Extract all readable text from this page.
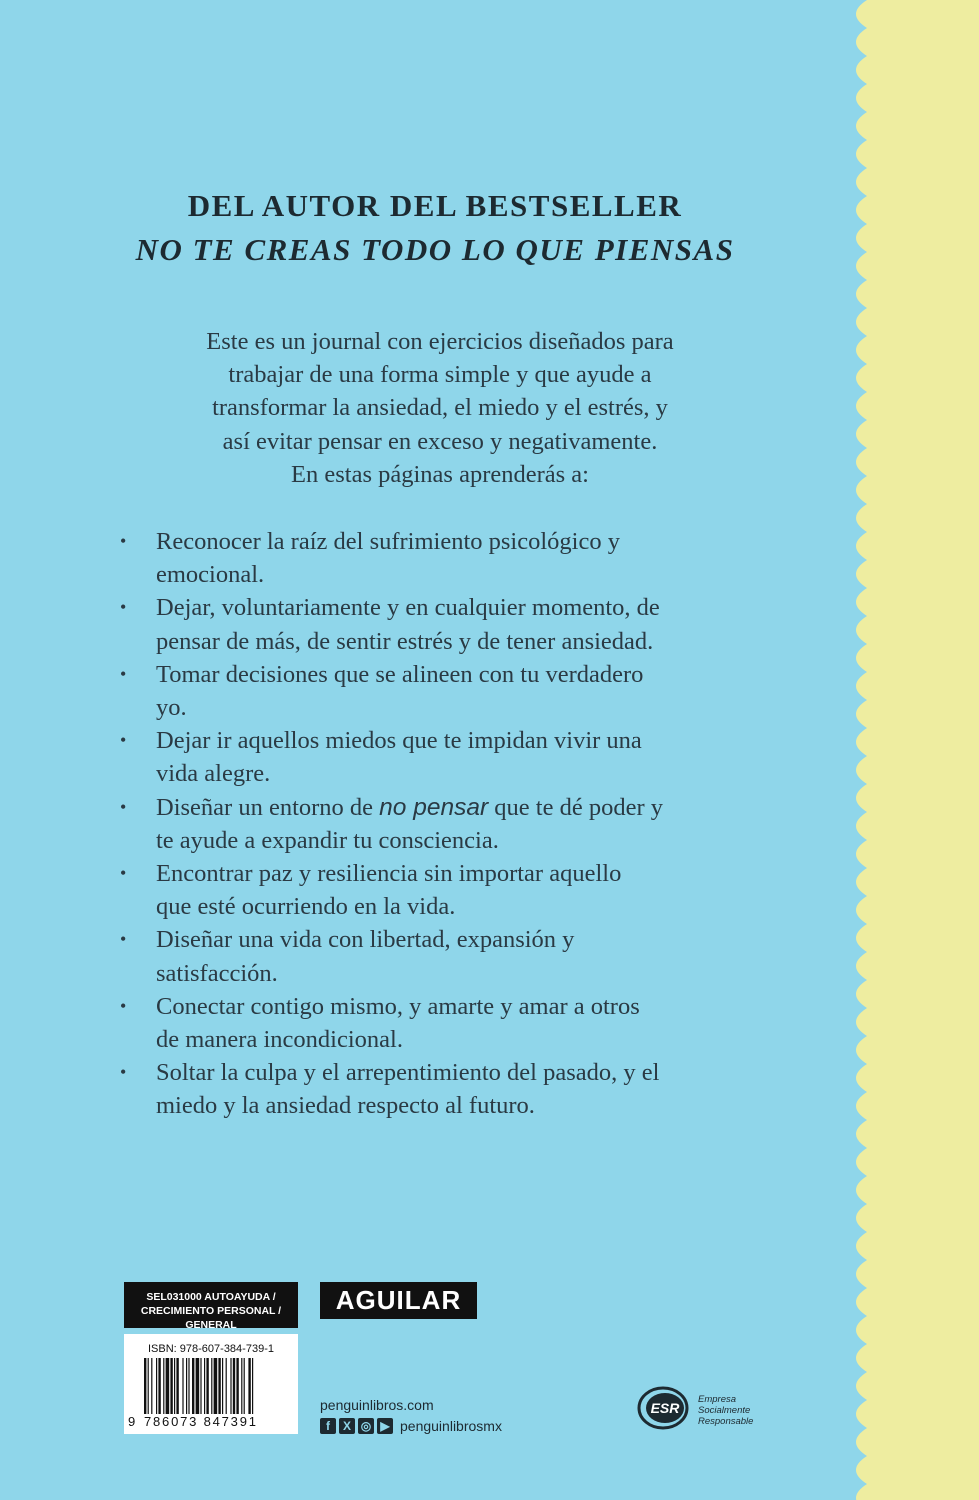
DEL AUTOR DEL BESTSELLER
NO TE CREAS TODO LO QUE PIENSAS
Este es un journal con ejercicios diseñados para
trabajar de una forma simple y que ayude a
transformar la ansiedad, el miedo y el estrés, y
así evitar pensar en exceso y negativamente.
En estas páginas aprenderás a:
•	Reconocer la raíz del sufrimiento psicológico y
emocional.
•	Dejar, voluntariamente y en cualquier momento, de
pensar de más, de sentir estrés y de tener ansiedad.
•	Tomar decisiones que se alineen con tu verdadero
yo.
•	Dejar ir aquellos miedos que te impidan vivir una
vida alegre.
•	Diseñar un entorno de no pensar que te dé poder y
te ayude a expandir tu consciencia.
•	Encontrar paz y resiliencia sin importar aquello
que esté ocurriendo en la vida.
•	Diseñar una vida con libertad, expansión y
satisfacción.
•	Conectar contigo mismo, y amarte y amar a otros
de manera incondicional.
•	Soltar la culpa y el arrepentimiento del pasado, y el
miedo y la ansiedad respecto al futuro.
SEL031000 AUTOAYUDA /
CRECIMIENTO PERSONAL / GENERAL
ISBN: 978-607-384-739-1
9 786073 847391
AGUILAR
penguinlibros.com
f	X ◎ ▶ penguinlibrosmx
ESR
Empresa
Socialmente
Responsable
